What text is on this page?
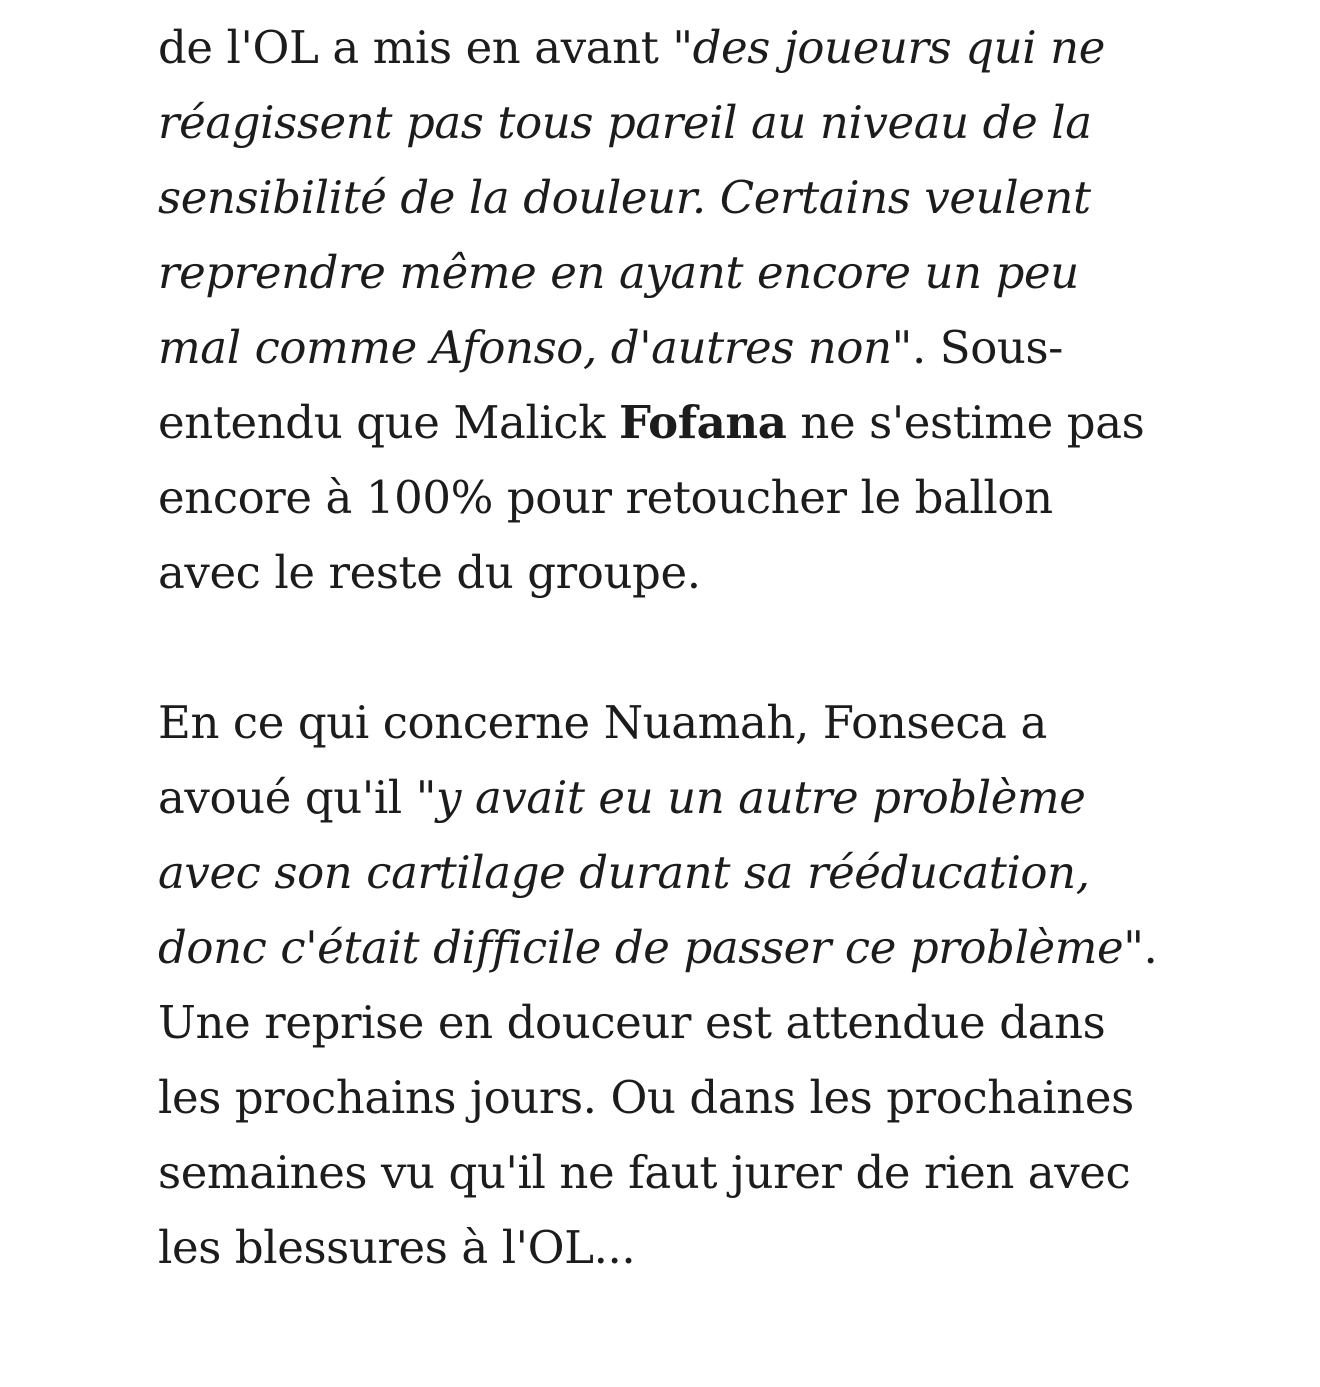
de l'OL a mis en avant "des joueurs qui ne réagissent pas tous pareil au niveau de la sensibilité de la douleur. Certains veulent reprendre même en ayant encore un peu mal comme Afonso, d'autres non". Sous-entendu que Malick Fofana ne s'estime pas encore à 100% pour retoucher le ballon avec le reste du groupe.

En ce qui concerne Nuamah, Fonseca a avoué qu'il "y avait eu un autre problème avec son cartilage durant sa rééducation, donc c'était difficile de passer ce problème". Une reprise en douceur est attendue dans les prochains jours. Ou dans les prochaines semaines vu qu'il ne faut jurer de rien avec les blessures à l'OL...
